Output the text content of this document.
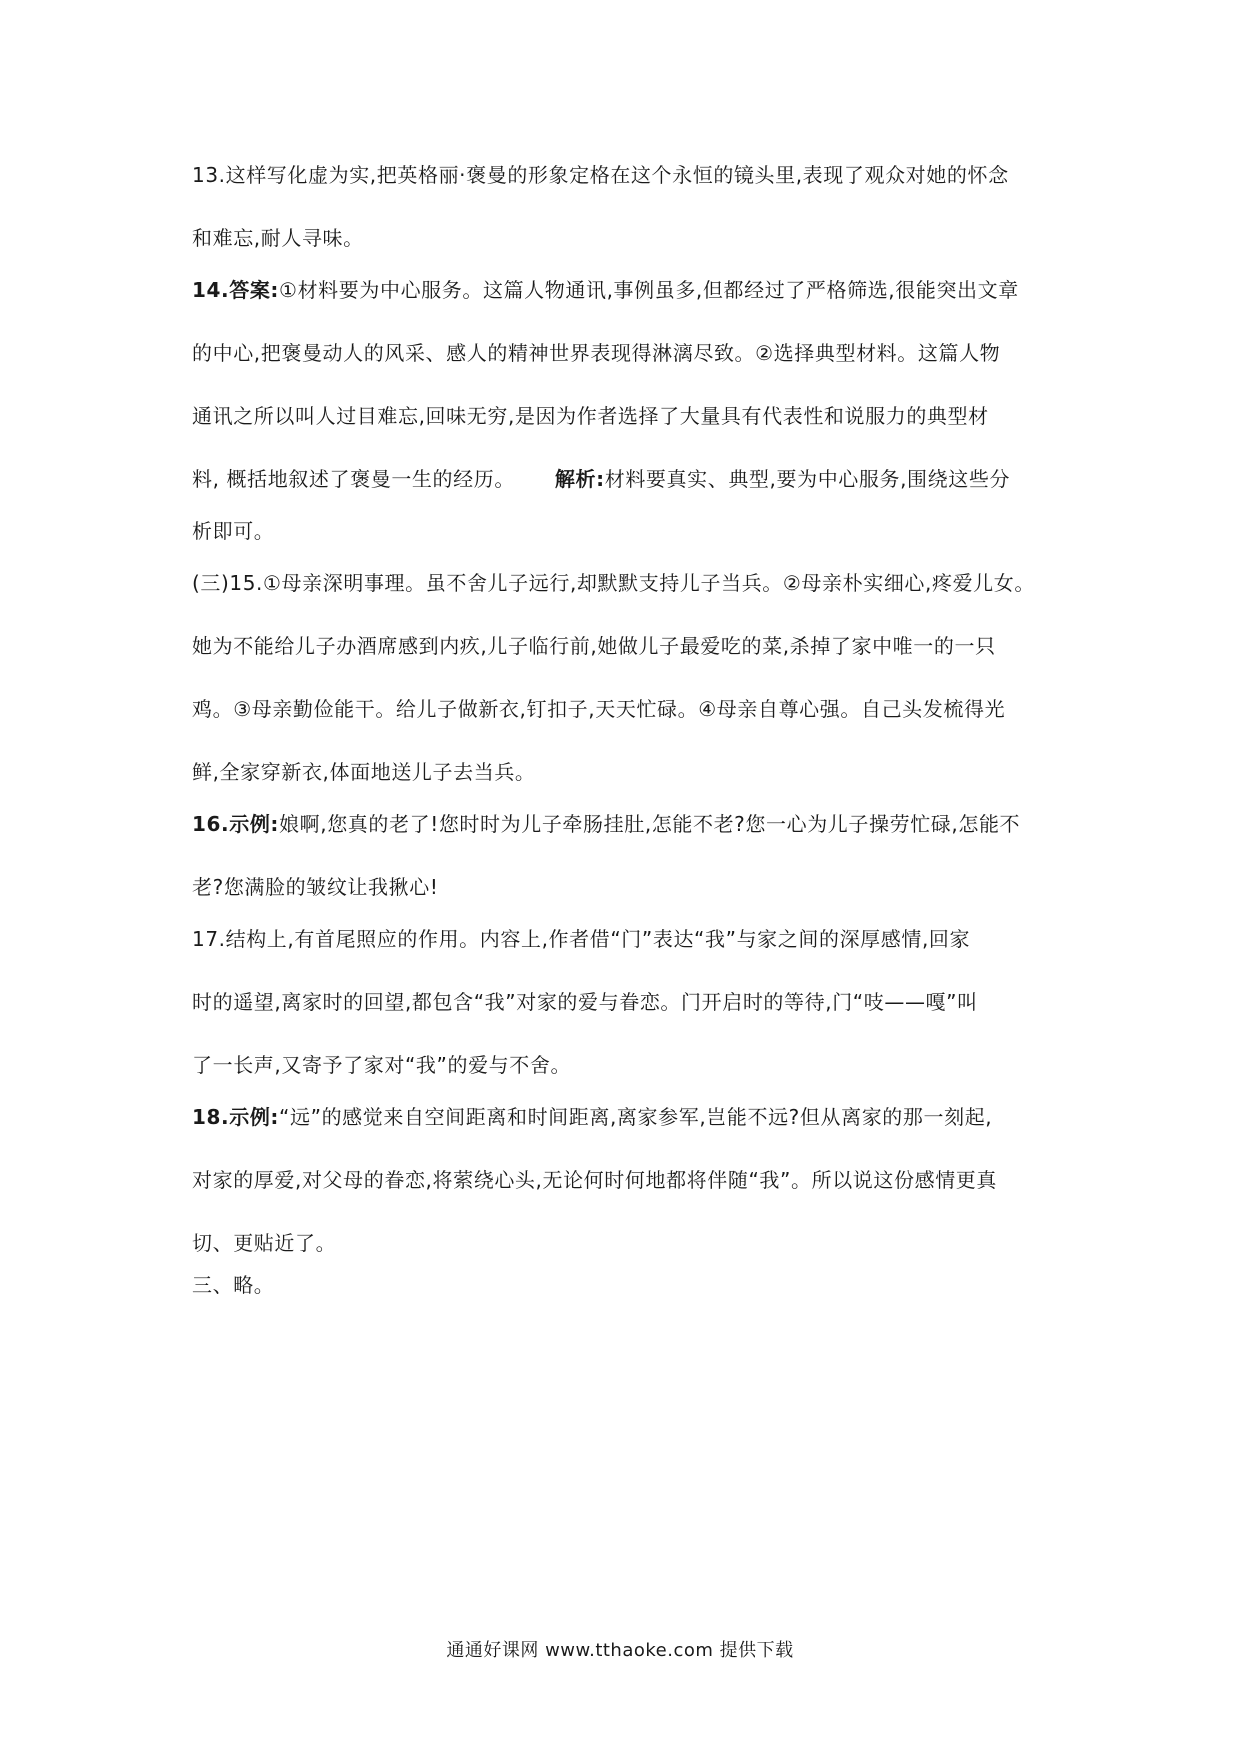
13.这样写化虚为实,把英格丽·褒曼的形象定格在这个永恒的镜头里,表现了观众对她的怀念
和难忘,耐人寻味。
14.答案:①材料要为中心服务。这篇人物通讯,事例虽多,但都经过了严格筛选,很能突出文章
的中心,把褒曼动人的风采、感人的精神世界表现得淋漓尽致。②选择典型材料。这篇人物
通讯之所以叫人过目难忘,回味无穷,是因为作者选择了大量具有代表性和说服力的典型材
料, 概括地叙述了褒曼一生的经历。 解析:材料要真实、典型,要为中心服务,围绕这些分
析即可。
(三)15.①母亲深明事理。虽不舍儿子远行,却默默支持儿子当兵。②母亲朴实细心,疼爱儿女。
她为不能给儿子办酒席感到内疚,儿子临行前,她做儿子最爱吃的菜,杀掉了家中唯一的一只
鸡。③母亲勤俭能干。给儿子做新衣,钉扣子,天天忙碌。④母亲自尊心强。自己头发梳得光
鲜,全家穿新衣,体面地送儿子去当兵。
16.示例:娘啊,您真的老了!您时时为儿子牵肠挂肚,怎能不老?您一心为儿子操劳忙碌,怎能不
老?您满脸的皱纹让我揪心!
17.结构上,有首尾照应的作用。内容上,作者借“门”表达“我”与家之间的深厚感情,回家
时的遥望,离家时的回望,都包含“我”对家的爱与眷恋。门开启时的等待,门“吱——嘎”叫
了一长声,又寄予了家对“我”的爱与不舍。
18.示例:“远”的感觉来自空间距离和时间距离,离家参军,岂能不远?但从离家的那一刻起,
对家的厚爱,对父母的眷恋,将萦绕心头,无论何时何地都将伴随“我”。所以说这份感情更真
切、更贴近了。
三、略。
通通好课网 www.tthaoke.com 提供下载
